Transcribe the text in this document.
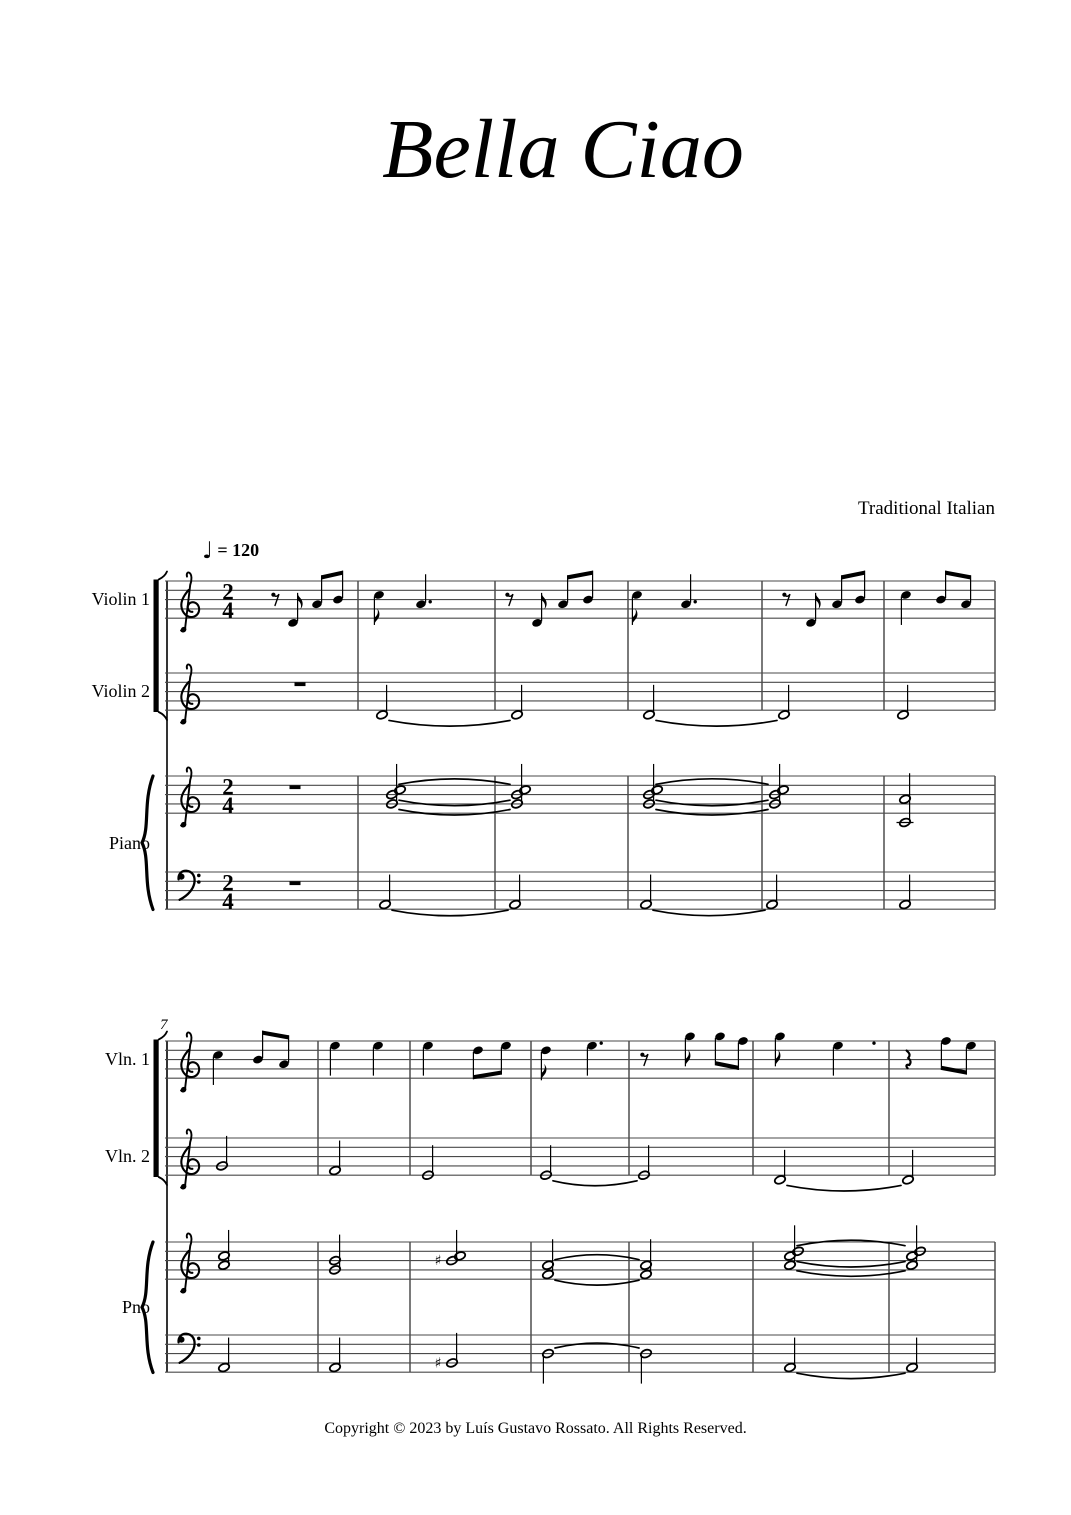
Bella Ciao
Traditional Italian
♩ = 120
2
4
Violin 1
Violin 2
2
4
Piano
2
4
7
Vln. 1
Vln. 2
Pno
♯
♯
Copyright © 2023 by Luís Gustavo Rossato. All Rights Reserved.
